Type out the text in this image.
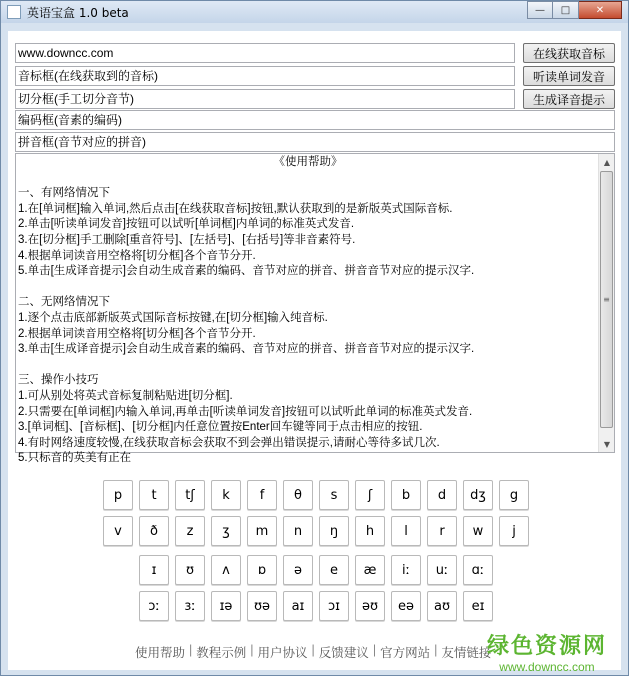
英语宝盒 1.0 beta	—	□	✕
www.downcc.com
音标框(在线获取到的音标)
切分框(手工切分音节)
编码框(音素的编码)
拼音框(音节对应的拼音)
在线获取音标
听读单词发音
生成译音提示
《使用帮助》
一、有网络情况下
1.在[单词框]输入单词,然后点击[在线获取音标]按钮,默认获取到的是新版英式国际音标.
2.单击[听读单词发音]按钮可以试听[单词框]内单词的标准英式发音.
3.在[切分框]手工删除[重音符号]、[左括号]、[右括号]等非音素符号.
4.根据单词读音用空格将[切分框]各个音节分开.
5.单击[生成译音提示]会自动生成音素的编码、音节对应的拼音、拼音音节对应的提示汉字.
二、无网络情况下
1.逐个点击底部新版英式国际音标按键,在[切分框]输入纯音标.
2.根据单词读音用空格将[切分框]各个音节分开.
3.单击[生成译音提示]会自动生成音素的编码、音节对应的拼音、拼音音节对应的提示汉字.
三、操作小技巧
1.可从别处将英式音标复制粘贴进[切分框].
2.只需要在[单词框]内输入单词,再单击[听读单词发音]按钮可以试听此单词的标准英式发音.
3.[单词框]、[音标框]、[切分框]内任意位置按Enter回车键等同于点击相应的按钮.
4.有时网络速度较慢,在线获取音标会获取不到会弹出错误提示,请耐心等待多试几次.
5.只标音的英美有正在
▲
≡
▼
p	t	tʃ	k	f	θ	s	ʃ	b	d	dʒ	g
v	ð	z	ʒ	m	n	ŋ	h	l	r	w	j
ɪ	ʊ	ʌ	ɒ	ə	e	æ	iː	uː	ɑː
ɔː	ɜː	ɪə	ʊə	aɪ	ɔɪ	əʊ	eə	aʊ	eɪ
使用帮助 | 教程示例 | 用户协议 | 反馈建议 | 官方网站 | 友情链接
绿色资源网
www.downcc.com
